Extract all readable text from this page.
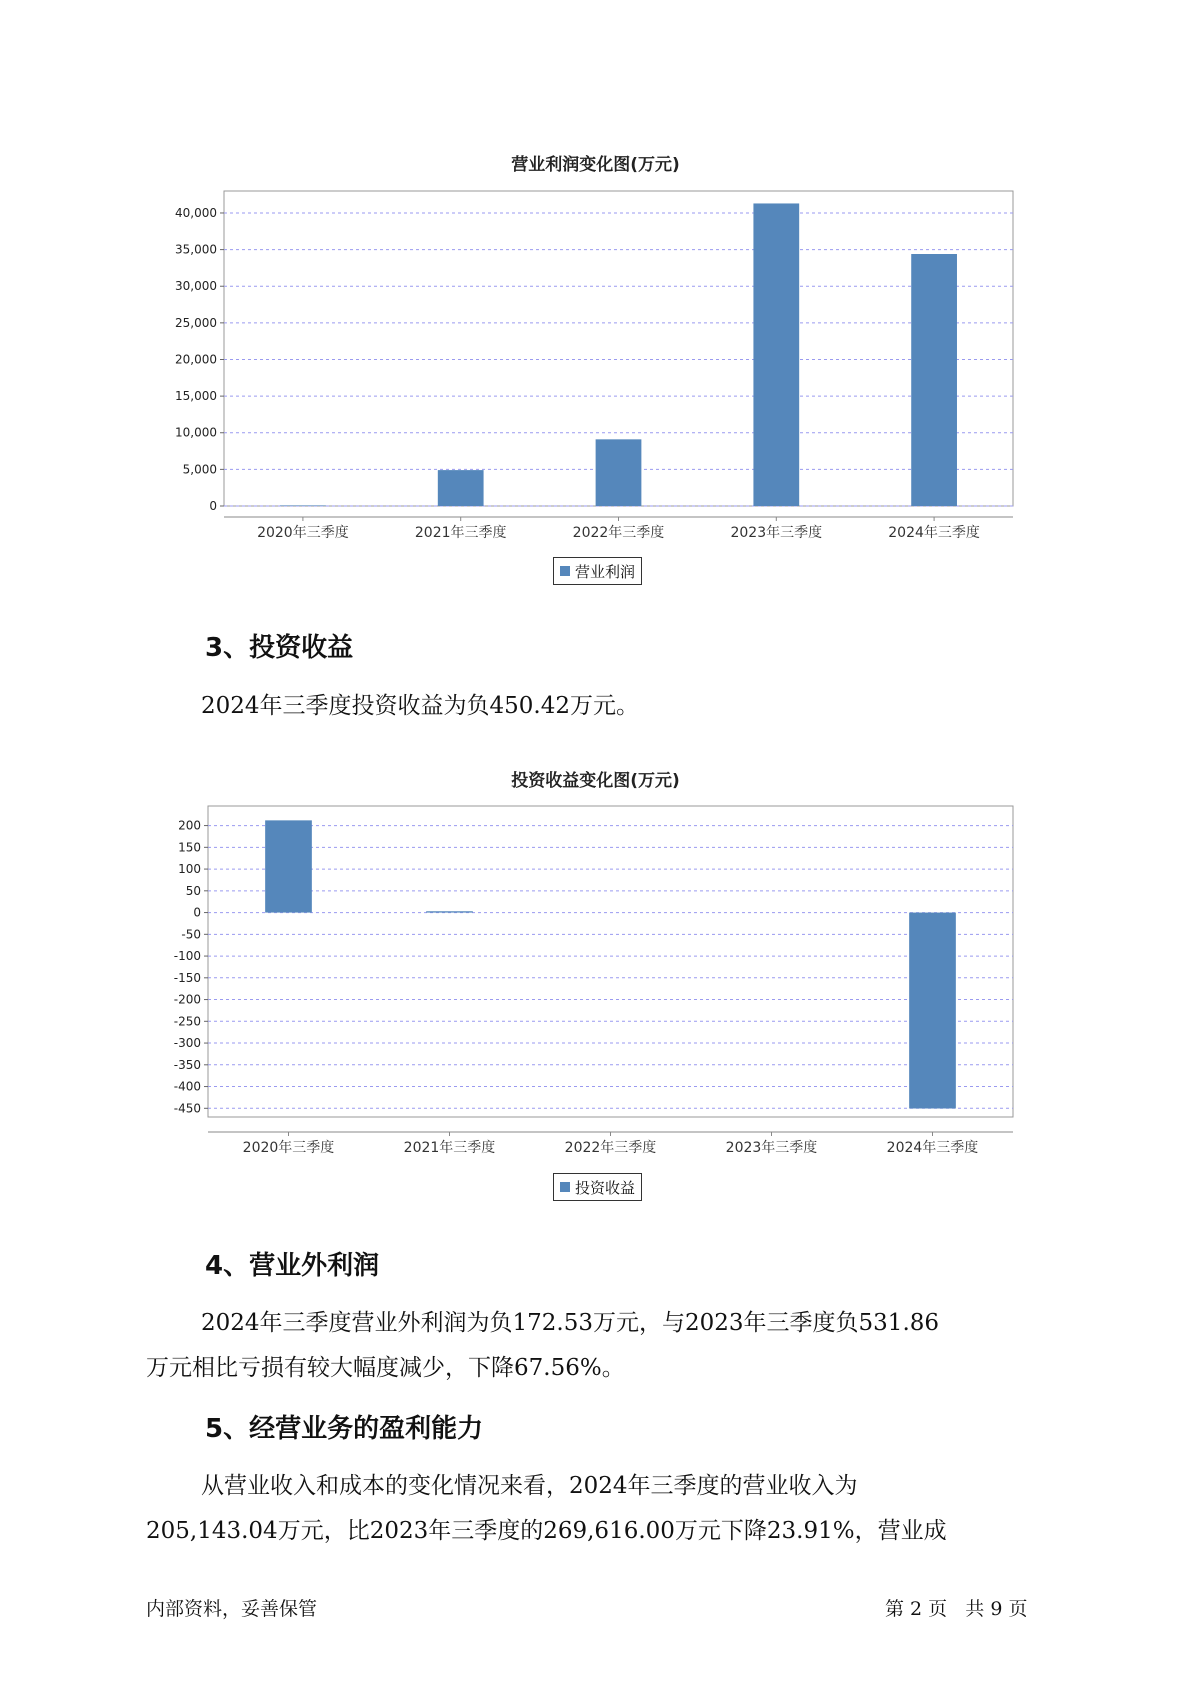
营业利润变化图(万元)
0
5,000
10,000
15,000
20,000
25,000
30,000
35,000
40,000
2020年三季度	2021年三季度	2022年三季度	2023年三季度	2024年三季度
营业利润
3、投资收益
2024年三季度投资收益为负450.42万元。
投资收益变化图(万元)
200
150
100
50
0
-50
-100
-150
-200
-250
-300
-350
-400
-450
2020年三季度	2021年三季度	2022年三季度	2023年三季度	2024年三季度
投资收益
4、营业外利润
2024年三季度营业外利润为负172.53万元，与2023年三季度负531.86
万元相比亏损有较大幅度减少，下降67.56%。
5、经营业务的盈利能力
从营业收入和成本的变化情况来看，2024年三季度的营业收入为
205,143.04万元，比2023年三季度的269,616.00万元下降23.91%，营业成
内部资料，妥善保管	第 2 页   共 9 页
